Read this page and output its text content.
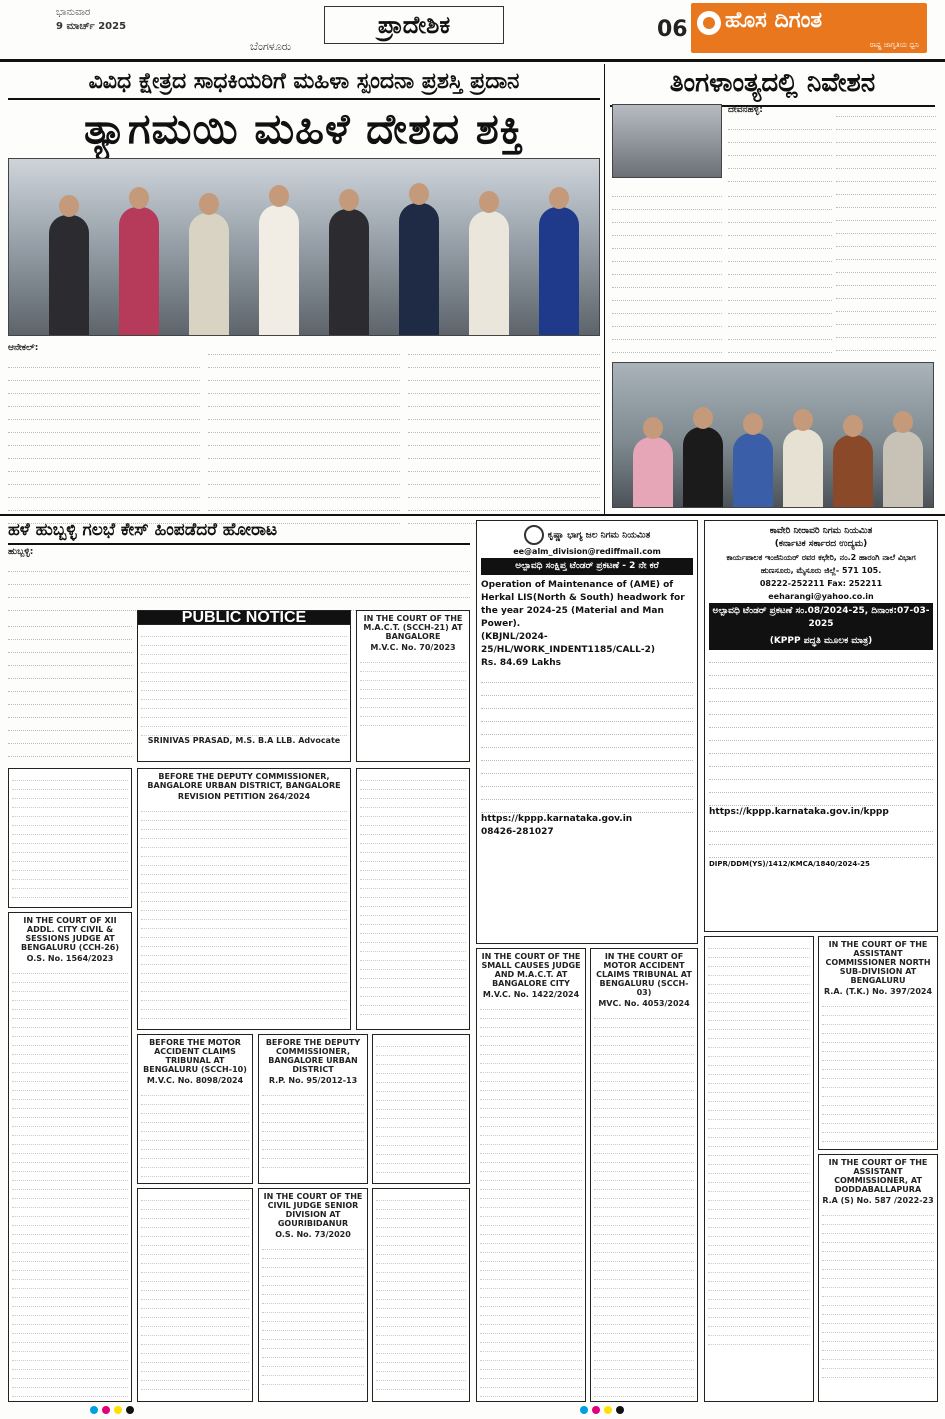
ಭಾನುವಾರ
9 ಮಾರ್ಚ್ 2025
ಬೆಂಗಳೂರು
ಪ್ರಾದೇಶಿಕ	06 ಹೊಸ ದಿಗಂತ
ರಾಷ್ಟ್ರ ಜಾಗೃತಿಯ ಧ್ವನಿ
ವಿವಿಧ ಕ್ಷೇತ್ರದ ಸಾಧಕಿಯರಿಗೆ ಮಹಿಳಾ ಸ್ಪಂದನಾ ಪ್ರಶಸ್ತಿ ಪ್ರದಾನ
ತ್ಯಾಗಮಯಿ ಮಹಿಳೆ ದೇಶದ ಶಕ್ತಿ
ಆನೇಕಲ್:
ತಿಂಗಳಾಂತ್ಯದಲ್ಲಿ ನಿವೇಶನ
ದೇವನಹಳ್ಳಿ:
ಹಳೆ ಹುಬ್ಬಳ್ಳಿ ಗಲಭೆ ಕೇಸ್ ಹಿಂಪಡೆದರೆ ಹೋರಾಟ
ಹುಬ್ಬಳ್ಳಿ:
PUBLIC NOTICE
SRINIVAS PRASAD, M.S. B.A LLB. Advocate
IN THE COURT OF THE M.A.C.T. (SCCH-21) AT BANGALORE
M.V.C. No. 70/2023
BEFORE THE DEPUTY COMMISSIONER, BANGALORE URBAN DISTRICT, BANGALORE
REVISION PETITION 264/2024
IN THE COURT OF XII ADDL. CITY CIVIL & SESSIONS JUDGE AT BENGALURU (CCH-26)
O.S. No. 1564/2023
BEFORE THE MOTOR ACCIDENT CLAIMS TRIBUNAL AT BENGALURU (SCCH-10)
M.V.C. No. 8098/2024
BEFORE THE DEPUTY COMMISSIONER, BANGALORE URBAN DISTRICT
R.P. No. 95/2012-13
IN THE COURT OF THE CIVIL JUDGE SENIOR DIVISION AT GOURIBIDANUR
O.S. No. 73/2020
ಕೃಷ್ಣಾ ಭಾಗ್ಯ ಜಲ ನಿಗಮ ನಿಯಮಿತ
ee@alm_division@rediffmail.com
ಅಲ್ಪಾವಧಿ ಸಂಕ್ಷಿಪ್ತ ಟೆಂಡರ್ ಪ್ರಕಟಣೆ - 2 ನೇ ಕರೆ
Operation of Maintenance of (AME) of Herkal LIS(North & South) headwork for the year 2024-25 (Material and Man Power).
(KBJNL/2024-25/HL/WORK_INDENT1185/CALL-2)
Rs. 84.69 Lakhs
https://kppp.karnataka.gov.in
08426-281027
ಕಾವೇರಿ ನೀರಾವರಿ ನಿಗಮ ನಿಯಮಿತ
(ಕರ್ನಾಟಕ ಸರ್ಕಾರದ ಉದ್ಯಮ)
ಕಾರ್ಯಪಾಲಕ ಇಂಜಿನಿಯರ್ ರವರ ಕಛೇರಿ, ನಂ.2 ಹಾರಂಗಿ ನಾಲೆ ವಿಭಾಗ
ಹುಣಸೂರು, ಮೈಸೂರು ಜಿಲ್ಲೆ- 571 105.
08222-252211 Fax: 252211 eeharangi@yahoo.co.in
ಅಲ್ಪಾವಧಿ ಟೆಂಡರ್ ಪ್ರಕಟಣೆ ಸಂ.08/2024-25, ದಿನಾಂಕ:07-03-2025
(KPPP ಪದ್ಧತಿ ಮೂಲಕ ಮಾತ್ರ)
https://kppp.karnataka.gov.in/kppp
DIPR/DDM(YS)/1412/KMCA/1840/2024-25
IN THE COURT OF THE SMALL CAUSES JUDGE AND M.A.C.T. AT BANGALORE CITY
M.V.C. No. 1422/2024
IN THE COURT OF MOTOR ACCIDENT CLAIMS TRIBUNAL AT BENGALURU (SCCH-03)
MVC. No. 4053/2024
IN THE COURT OF THE ASSISTANT COMMISSIONER NORTH SUB-DIVISION AT BENGALURU
R.A. (T.K.) No. 397/2024
IN THE COURT OF THE ASSISTANT COMMISSIONER, AT DODDABALLAPURA
R.A (S) No. 587 /2022-23
